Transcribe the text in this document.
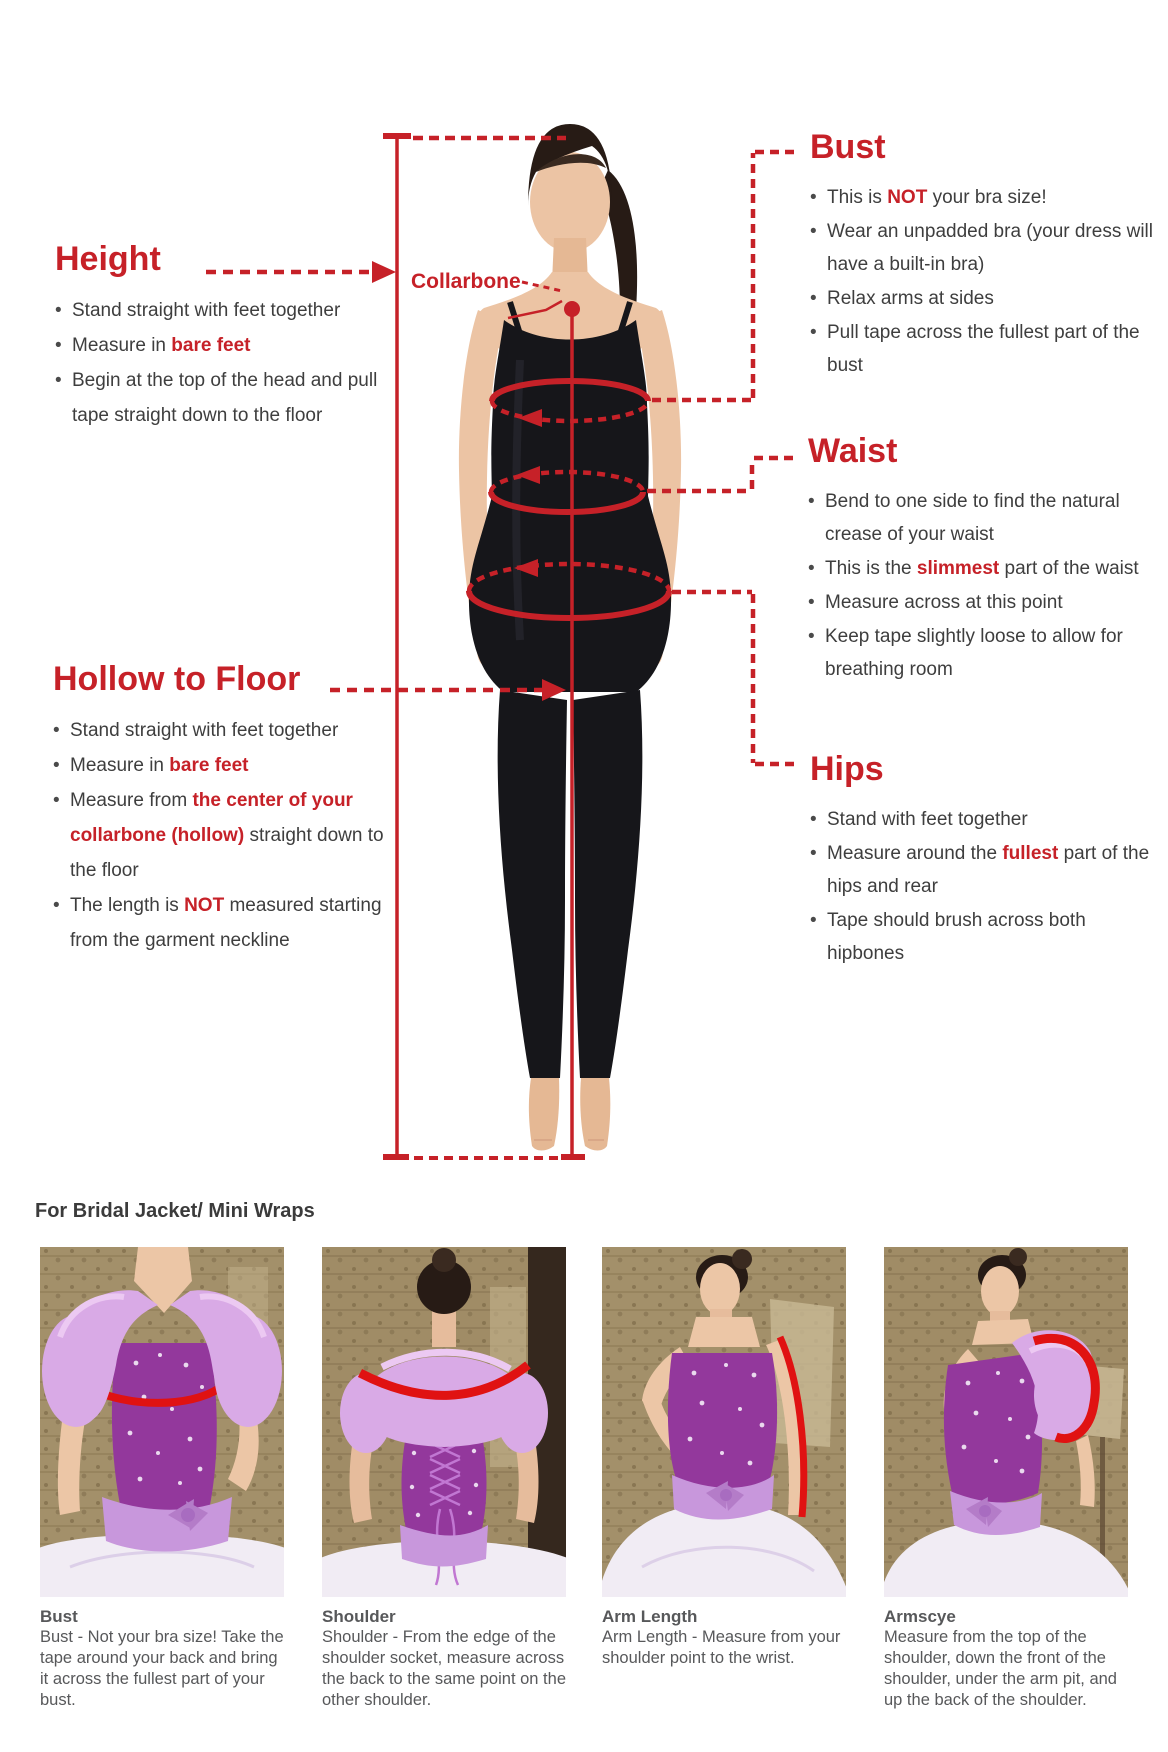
Collarbone
Height
• Stand straight with feet together
• Measure in bare feet
• Begin at the top of the head and pull tape straight down to the floor
Hollow to Floor
• Stand straight with feet together
• Measure in bare feet
• Measure from the center of your collarbone (hollow) straight down to the floor
• The length is NOT measured starting from the garment neckline
Bust
• This is NOT your bra size!
• Wear an unpadded bra (your dress will have a built-in bra)
• Relax arms at sides
• Pull tape across the fullest part of the bust
Waist
• Bend to one side to find the natural crease of your waist
• This is the slimmest part of the waist
• Measure across at this point
• Keep tape slightly loose to allow for breathing room
Hips
• Stand with feet together
• Measure around the fullest part of the hips and rear
• Tape should brush across both hipbones
For Bridal Jacket/ Mini Wraps
Bust
Bust - Not your bra size! Take the tape around your back and bring it across the fullest part of your bust.
Shoulder
Shoulder - From the edge of the shoulder socket, measure across the back to the same point on the other shoulder.
Arm Length
Arm Length - Measure from your shoulder point to the wrist.
Armscye
Measure from the top of the shoulder, down the front of the shoulder, under the arm pit, and up the back of the shoulder.
